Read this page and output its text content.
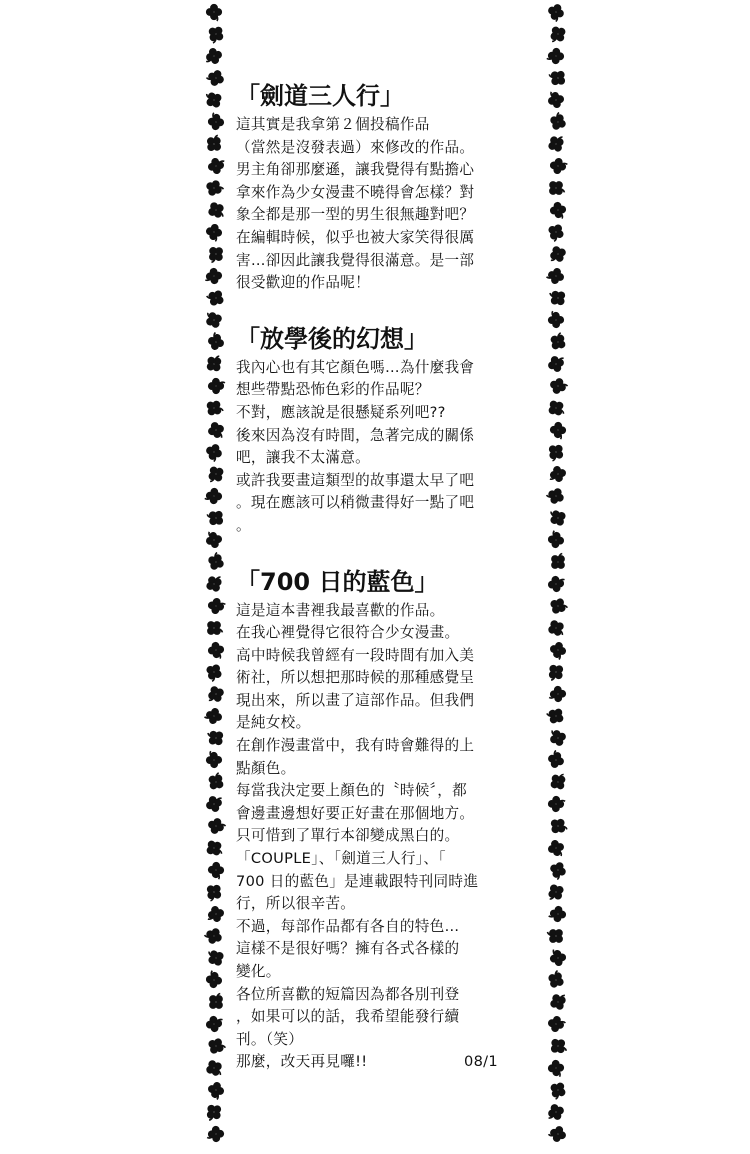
「劍道三人行」
這其實是我拿第２個投稿作品
（當然是沒發表過）來修改的作品。
男主角卻那麼遜，讓我覺得有點擔心
拿來作為少女漫畫不曉得會怎樣？對
象全都是那一型的男生很無趣對吧？
在編輯時候，似乎也被大家笑得很厲
害…卻因此讓我覺得很滿意。是一部
很受歡迎的作品呢！
「放學後的幻想」
我內心也有其它顏色嗎…為什麼我會
想些帶點恐怖色彩的作品呢？
不對，應該說是很懸疑系列吧??
後來因為沒有時間，急著完成的關係
吧，讓我不太滿意。
或許我要畫這類型的故事還太早了吧
。現在應該可以稍微畫得好一點了吧
。
「700 日的藍色」
這是這本書裡我最喜歡的作品。
在我心裡覺得它很符合少女漫畫。
高中時候我曾經有一段時間有加入美
術社，所以想把那時候的那種感覺呈
現出來，所以畫了這部作品。但我們
是純女校。
在創作漫畫當中，我有時會難得的上
點顏色。
每當我決定要上顏色的〝時候〞，都
會邊畫邊想好要正好畫在那個地方。
只可惜到了單行本卻變成黑白的。
「COUPLE」、「劍道三人行」、「
700 日的藍色」是連載跟特刊同時進
行，所以很辛苦。
不過，每部作品都有各自的特色…
這樣不是很好嗎？擁有各式各樣的
變化。
各位所喜歡的短篇因為都各別刊登
，如果可以的話，我希望能發行續
刊。（笑）
那麼，改天再見囉!!	08/1
